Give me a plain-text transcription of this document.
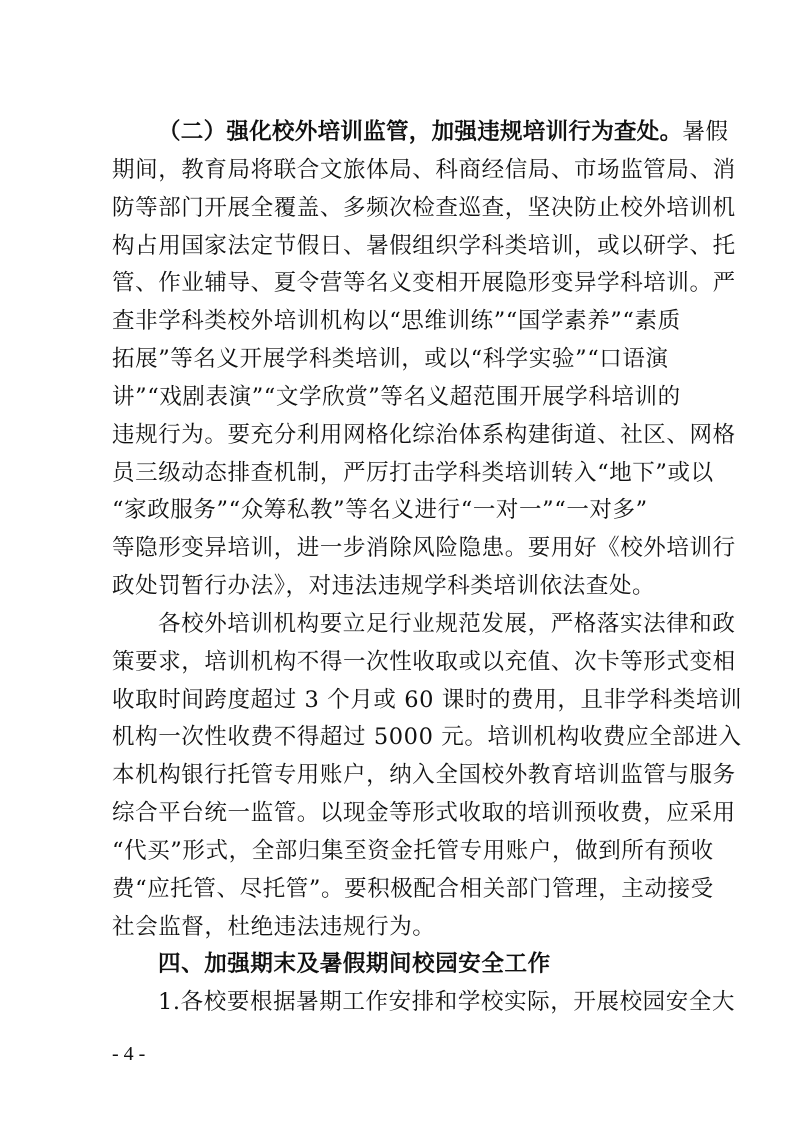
（二）强化校外培训监管，加强违规培训行为查处。暑假
期间，教育局将联合文旅体局、科商经信局、市场监管局、消
防等部门开展全覆盖、多频次检查巡查，坚决防止校外培训机
构占用国家法定节假日、暑假组织学科类培训，或以研学、托
管、作业辅导、夏令营等名义变相开展隐形变异学科培训。严
查非学科类校外培训机构以“思维训练”“国学素养”“素质
拓展”等名义开展学科类培训，或以“科学实验”“口语演
讲”“戏剧表演”“文学欣赏”等名义超范围开展学科培训的
违规行为。要充分利用网格化综治体系构建街道、社区、网格
员三级动态排查机制，严厉打击学科类培训转入“地下”或以
“家政服务”“众筹私教”等名义进行“一对一”“一对多”
等隐形变异培训，进一步消除风险隐患。要用好《校外培训行
政处罚暂行办法》，对违法违规学科类培训依法查处。
各校外培训机构要立足行业规范发展，严格落实法律和政
策要求，培训机构不得一次性收取或以充值、次卡等形式变相
收取时间跨度超过 3 个月或 60 课时的费用，且非学科类培训
机构一次性收费不得超过 5000 元。培训机构收费应全部进入
本机构银行托管专用账户，纳入全国校外教育培训监管与服务
综合平台统一监管。以现金等形式收取的培训预收费，应采用
“代买”形式，全部归集至资金托管专用账户，做到所有预收
费“应托管、尽托管”。要积极配合相关部门管理，主动接受
社会监督，杜绝违法违规行为。
四、加强期末及暑假期间校园安全工作
- 4 -
1.各校要根据暑期工作安排和学校实际，开展校园安全大
